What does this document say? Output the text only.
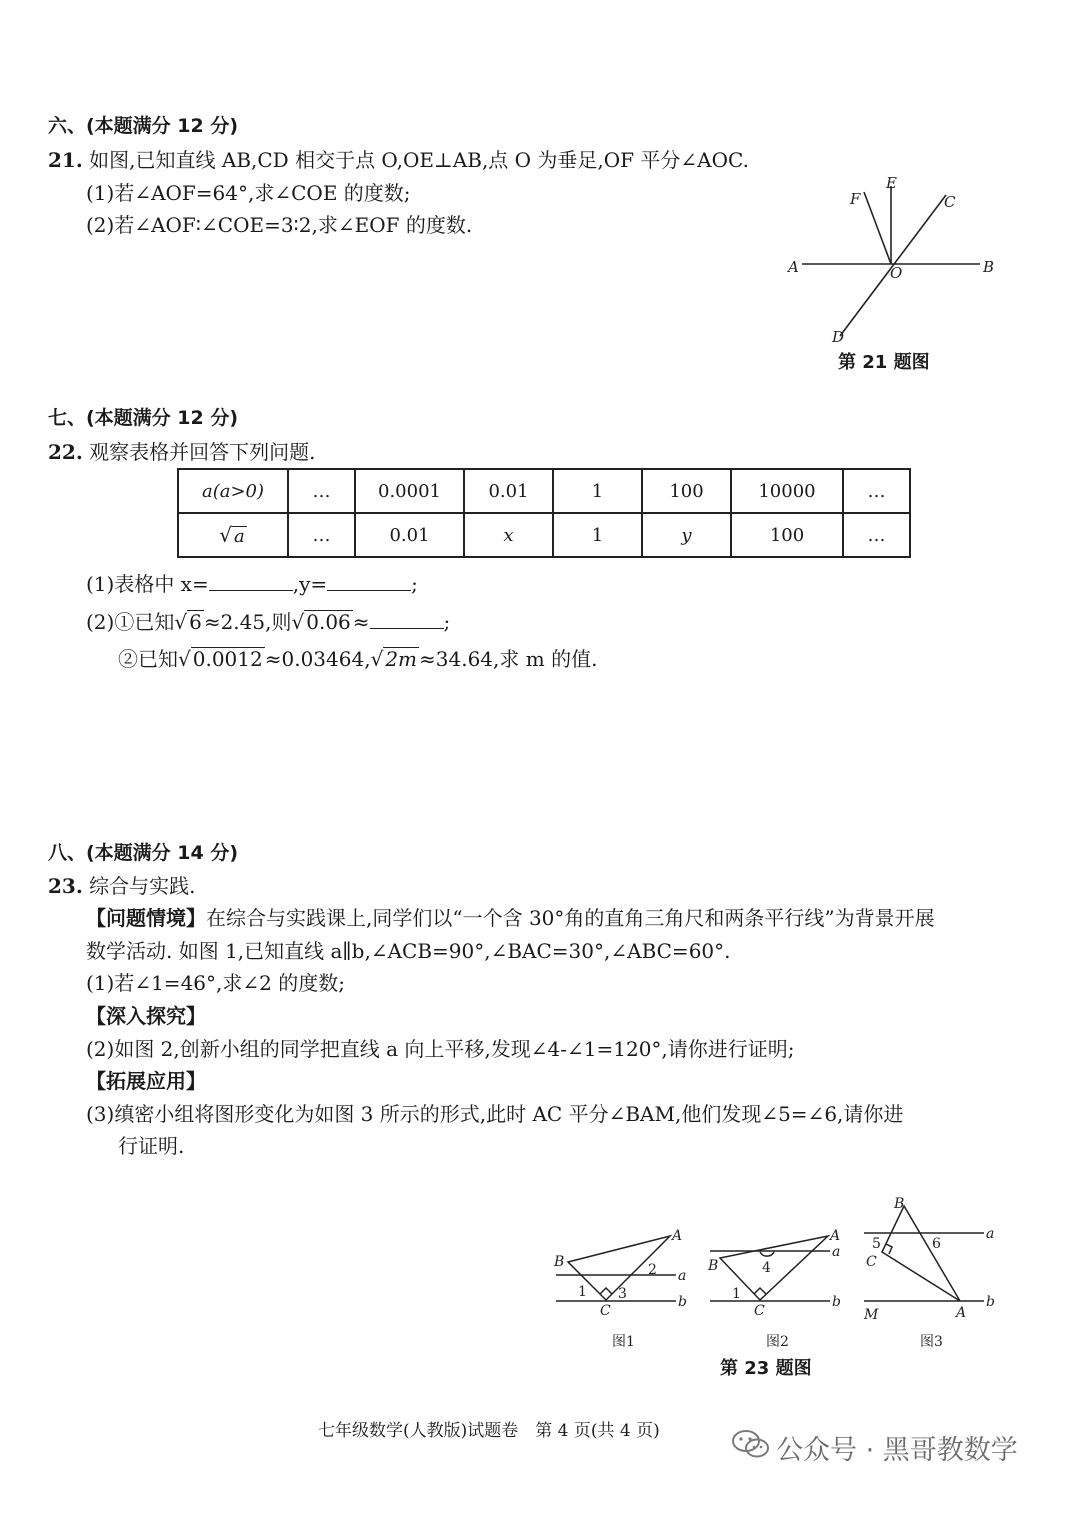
六、(本题满分 12 分)
21. 如图,已知直线 AB,CD 相交于点 O,OE⊥AB,点 O 为垂足,OF 平分∠AOC.
(1)若∠AOF=64°,求∠COE 的度数;
(2)若∠AOF∶∠COE=3∶2,求∠EOF 的度数.
A	B
C
D
E
F
O
第 21 题图
七、(本题满分 12 分)
22. 观察表格并回答下列问题.
a(a>0)	…	0.0001	0.01	1	100	10000	…
√ a	…	0.01	x	1	y	100	…
(1)表格中 x=	,y=	;
(2)①已知√ 6 ≈2.45,则√ 0.06 ≈	;
②已知√ 0.0012 ≈0.03464,√ 2m ≈34.64,求 m 的值.
八、(本题满分 14 分)
23. 综合与实践.
【问题情境】在综合与实践课上,同学们以“一个含 30°角的直角三角尺和两条平行线”为背景开展
数学活动. 如图 1,已知直线 a∥b,∠ACB=90°,∠BAC=30°,∠ABC=60°.
(1)若∠1=46°,求∠2 的度数;
【深入探究】
(2)如图 2,创新小组的同学把直线 a 向上平移,发现∠4-∠1=120°,请你进行证明;
【拓展应用】
(3)缜密小组将图形变化为如图 3 所示的形式,此时 AC 平分∠BAM,他们发现∠5=∠6,请你进
行证明.
B
A
C
a
b
1
2
3
图1
B
A
C
a
b
1
4
图2
B
C
A
M
a
b
5	6
图3
第 23 题图
七年级数学(人教版)试题卷　第 4 页(共 4 页)
公众号 · 黑哥教数学
